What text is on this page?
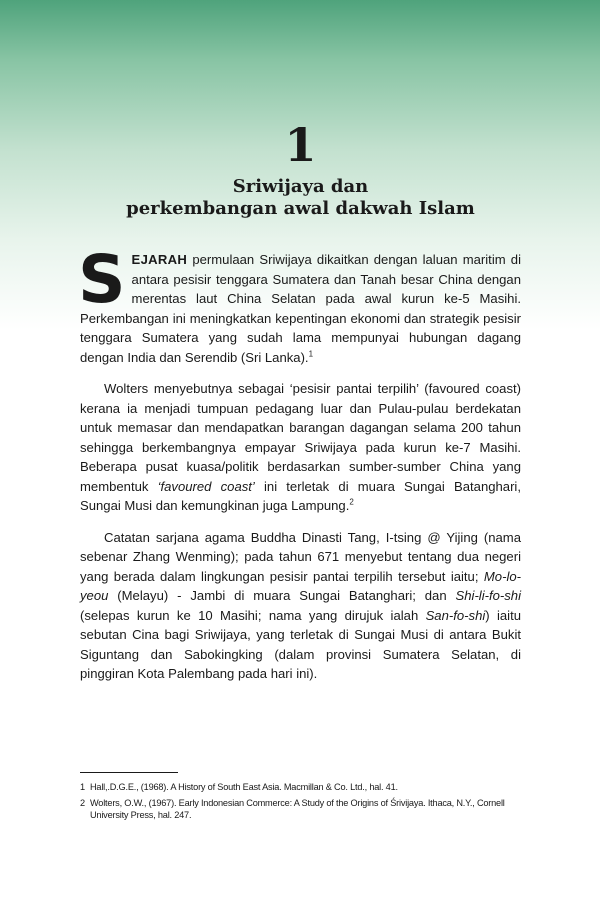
1
Sriwijaya dan
perkembangan awal dakwah Islam

SEJARAH permulaan Sriwijaya dikaitkan dengan laluan maritim di antara pesisir tenggara Sumatera dan Tanah besar China dengan merentas laut China Selatan pada awal kurun ke-5 Masihi. Perkembangan ini meningkatkan kepentingan ekonomi dan strategik pesisir tenggara Sumatera yang sudah lama mempunyai hubungan dagang dengan India dan Serendib (Sri Lanka).$^1$

Wolters menyebutnya sebagai ‘pesisir pantai terpilih’ (favoured coast) kerana ia menjadi tumpuan pedagang luar dan Pulau-pulau berdekatan untuk memasar dan mendapatkan barangan dagangan selama 200 tahun sehingga berkembangnya empayar Sriwijaya pada kurun ke-7 Masihi. Beberapa pusat kuasa/politik berdasarkan sumber-sumber China yang membentuk ‘favoured coast’ ini terletak di muara Sungai Batanghari, Sungai Musi dan kemungkinan juga Lampung.$^2$

Catatan sarjana agama Buddha Dinasti Tang, I-tsing @ Yijing (nama sebenar Zhang Wenming); pada tahun 671 menyebut tentang dua negeri yang berada dalam lingkungan pesisir pantai terpilih tersebut iaitu; Mo-lo-yeou (Melayu) - Jambi di muara Sungai Batanghari; dan Shi-li-fo-shi (selepas kurun ke 10 Masihi; nama yang dirujuk ialah San-fo-shi) iaitu sebutan Cina bagi Sriwijaya, yang terletak di Sungai Musi di antara Bukit Siguntang dan Sabokingking (dalam provinsi Sumatera Selatan, di pinggiran Kota Palembang pada hari ini).

1 Hall,.D.G.E., (1968). A History of South East Asia. Macmillan & Co. Ltd., hal. 41.
2 Wolters, O.W., (1967). Early Indonesian Commerce: A Study of the Origins of Śrivijaya. Ithaca, N.Y., Cornell University Press, hal. 247.
